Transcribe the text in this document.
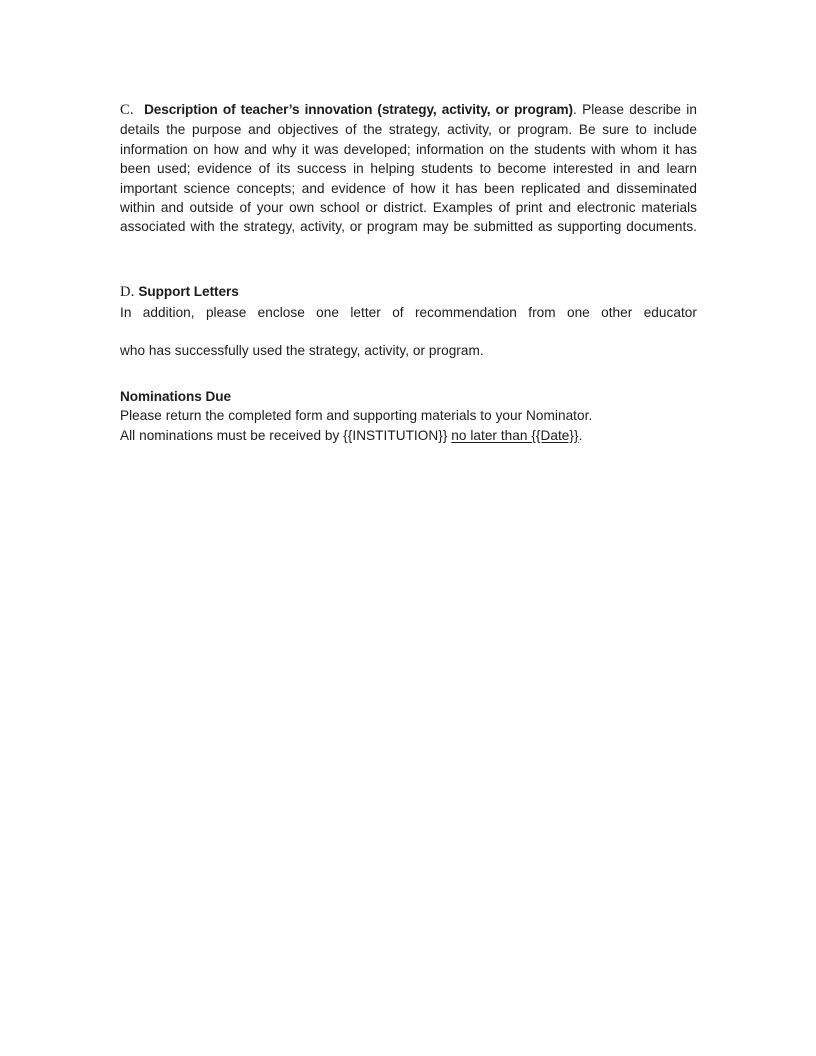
C. Description of teacher’s innovation (strategy, activity, or program). Please describe in details the purpose and objectives of the strategy, activity, or program. Be sure to include information on how and why it was developed; information on the students with whom it has been used; evidence of its success in helping students to become interested in and learn important science concepts; and evidence of how it has been replicated and disseminated within and outside of your own school or district. Examples of print and electronic materials associated with the strategy, activity, or program may be submitted as supporting documents.

D. Support Letters

In addition, please enclose one letter of recommendation from one other educator

who has successfully used the strategy, activity, or program.

Nominations Due

Please return the completed form and supporting materials to your Nominator.

All nominations must be received by {{INSTITUTION}} no later than {{Date}}.
